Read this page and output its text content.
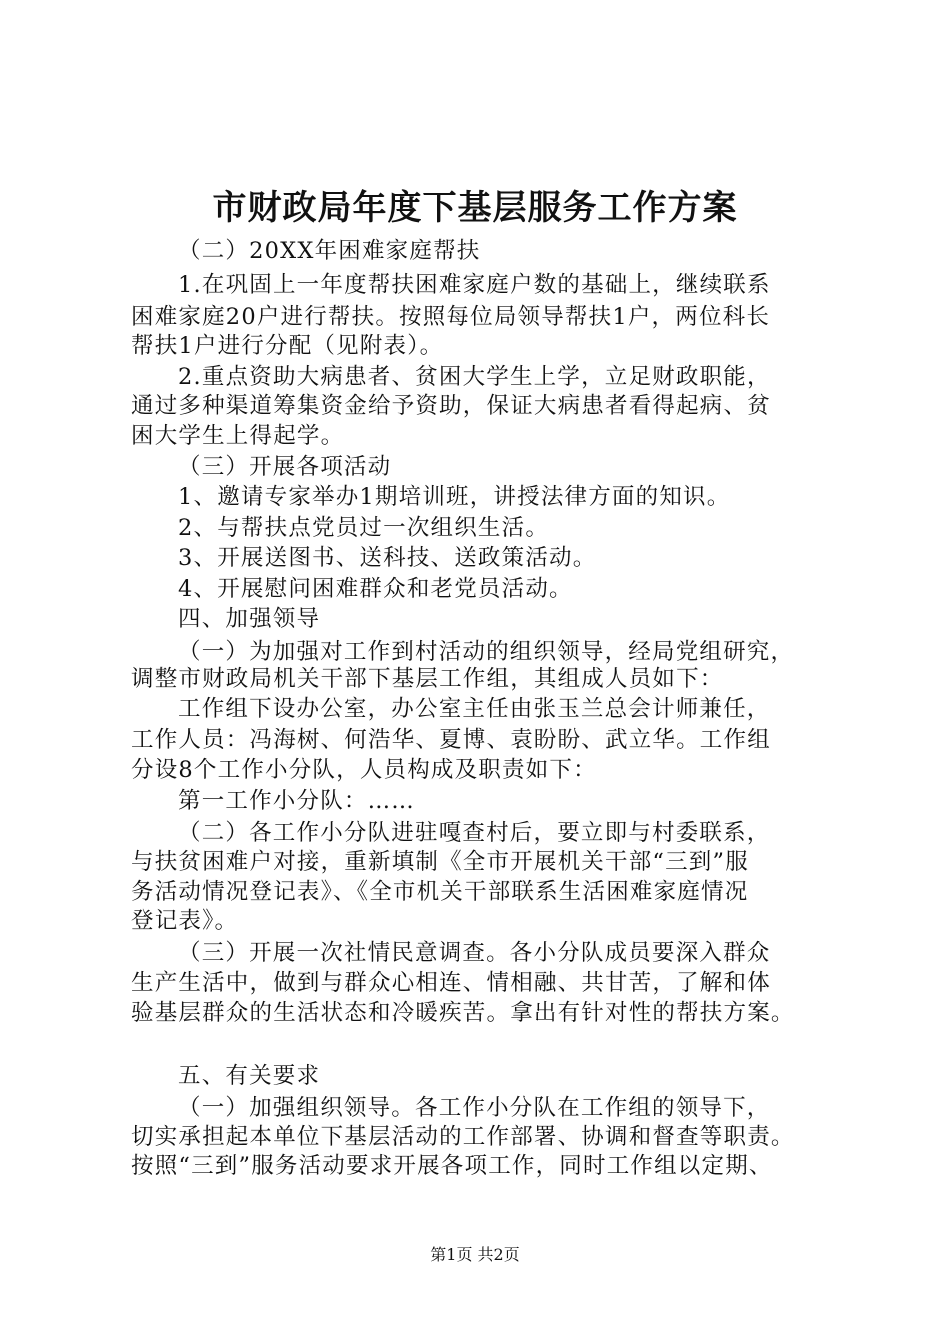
市财政局年度下基层服务工作方案
（二）20XX年困难家庭帮扶
1.在巩固上一年度帮扶困难家庭户数的基础上，继续联系
困难家庭20户进行帮扶。按照每位局领导帮扶1户，两位科长
帮扶1户进行分配（见附表）。
2.重点资助大病患者、贫困大学生上学，立足财政职能，
通过多种渠道筹集资金给予资助，保证大病患者看得起病、贫
困大学生上得起学。
（三）开展各项活动
1、邀请专家举办1期培训班，讲授法律方面的知识。
2、与帮扶点党员过一次组织生活。
3、开展送图书、送科技、送政策活动。
4、开展慰问困难群众和老党员活动。
四、加强领导
（一）为加强对工作到村活动的组织领导，经局党组研究，
调整市财政局机关干部下基层工作组，其组成人员如下：
工作组下设办公室，办公室主任由张玉兰总会计师兼任，
工作人员：冯海树、何浩华、夏博、袁盼盼、武立华。工作组
分设8个工作小分队，人员构成及职责如下：
第一工作小分队：……
（二）各工作小分队进驻嘎查村后，要立即与村委联系，
与扶贫困难户对接，重新填制《全市开展机关干部“三到”服
务活动情况登记表》、《全市机关干部联系生活困难家庭情况
登记表》。
（三）开展一次社情民意调查。各小分队成员要深入群众
生产生活中，做到与群众心相连、情相融、共甘苦，了解和体
验基层群众的生活状态和冷暖疾苦。拿出有针对性的帮扶方案。
五、有关要求
（一）加强组织领导。各工作小分队在工作组的领导下，
切实承担起本单位下基层活动的工作部署、协调和督查等职责。
按照“三到”服务活动要求开展各项工作，同时工作组以定期、
第1页 共2页
